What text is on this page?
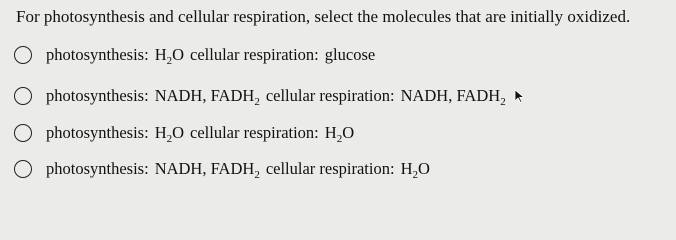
For photosynthesis and cellular respiration, select the molecules that are initially oxidized.
photosynthesis: $H_2O$ cellular respiration: glucose
photosynthesis: NADH, $FADH_2$ cellular respiration: NADH, $FADH_2$
photosynthesis: $H_2O$ cellular respiration: $H_2O$
photosynthesis: NADH, $FADH_2$ cellular respiration: $H_2O$
